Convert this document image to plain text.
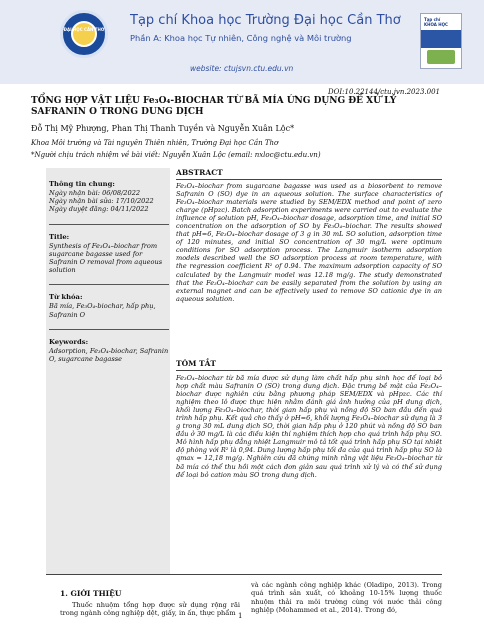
ĐẠI HỌC CẦN THƠ
Tạp chí Khoa học Trường Đại học Cần Thơ
Phần A: Khoa học Tự nhiên, Công nghệ và Môi trường
website: ctujsvn.ctu.edu.vn
Tạp chí
KHOA HỌC
DOI:10.22144/ctu.jvn.2023.001
TỔNG HỢP VẬT LIỆU Fe₃O₄-BIOCHAR TỪ BÃ MÍA ỨNG DỤNG ĐỂ XỬ LÝ SAFRANIN O TRONG DUNG DỊCH
Đỗ Thị Mỹ Phượng, Phan Thị Thanh Tuyền và Nguyễn Xuân Lộc*
Khoa Môi trường và Tài nguyên Thiên nhiên, Trường Đại học Cần Thơ
*Người chịu trách nhiệm về bài viết: Nguyễn Xuân Lộc (email: nxloc@ctu.edu.vn)
Thông tin chung:
Ngày nhận bài: 06/08/2022
Ngày nhận bài sửa: 17/10/2022
Ngày duyệt đăng: 04/11/2022
Title:
Synthesis of Fe₃O₄–biochar from sugarcane bagasse used for Safranin O removal from aqueous solution
Từ khóa:
Bã mía, Fe₃O₄-biochar, hấp phụ, Safranin O
Keywords:
Adsorption, Fe₃O₄-biochar, Safranin O, sugarcane bagasse
ABSTRACT
Fe₃O₄–biochar from sugarcane bagasse was used as a biosorbent to remove Safranin O (SO) dye in an aqueous solution. The surface characteristics of Fe₃O₄–biochar materials were studied by SEM/EDX method and point of zero charge (pHpzc). Batch adsorption experiments were carried out to evaluate the influence of solution pH, Fe₃O₄–biochar dosage, adsorption time, and initial SO concentration on the adsorption of SO by Fe₃O₄–biochar. The results showed that pH=6, Fe₃O₄–biochar dosage of 3 g in 30 mL SO solution, adsorption time of 120 minutes, and initial SO concentration of 30 mg/L were optimum conditions for SO adsorption process. The Langmuir isotherm adsorption models described well the SO adsorption process at room temperature, with the regression coefficient R² of 0.94. The maximum adsorption capacity of SO calculated by the Langmuir model was 12.18 mg/g. The study demonstrated that the Fe₃O₄–biochar can be easily separated from the solution by using an external magnet and can be effectively used to remove SO cationic dye in an aqueous solution.
TÓM TẮT
Fe₃O₄–biochar từ bã mía được sử dụng làm chất hấp phụ sinh học để loại bỏ hợp chất màu Safranin O (SO) trong dung dịch. Đặc trưng bề mặt của Fe₃O₄–biochar được nghiên cứu bằng phương pháp SEM/EDX và pHpzc. Các thí nghiệm theo lô được thực hiện nhằm đánh giá ảnh hưởng của pH dung dịch, khối lượng Fe₃O₄–biochar, thời gian hấp phụ và nồng độ SO ban đầu đến quá trình hấp phụ. Kết quả cho thấy ở pH=6, khối lượng Fe₃O₄–biochar sử dụng là 3 g trong 30 mL dung dịch SO, thời gian hấp phụ ở 120 phút và nồng độ SO ban đầu ở 30 mg/L là các điều kiện thí nghiệm thích hợp cho quá trình hấp phụ SO. Mô hình hấp phụ đẳng nhiệt Langmuir mô tả tốt quá trình hấp phụ SO tại nhiệt độ phòng với R² là 0,94. Dung lượng hấp phụ tối đa của quá trình hấp phụ SO là qmax = 12,18 mg/g. Nghiên cứu đã chứng minh rằng vật liệu Fe₃O₄–biochar từ bã mía có thể thu hồi một cách đơn giản sau quá trình xử lý và có thể sử dụng để loại bỏ cation màu SO trong dung dịch.
1. GIỚI THIỆU
Thuốc nhuộm tổng hợp được sử dụng rộng rãi trong ngành công nghiệp dệt, giấy, in ấn, thực phẩm
và các ngành công nghiệp khác (Oladipo, 2013). Trong quá trình sản xuất, có khoảng 10-15% lượng thuốc nhuộm thải ra môi trường cùng với nước thải công nghiệp (Mohammed et al., 2014). Trong đó,
1
